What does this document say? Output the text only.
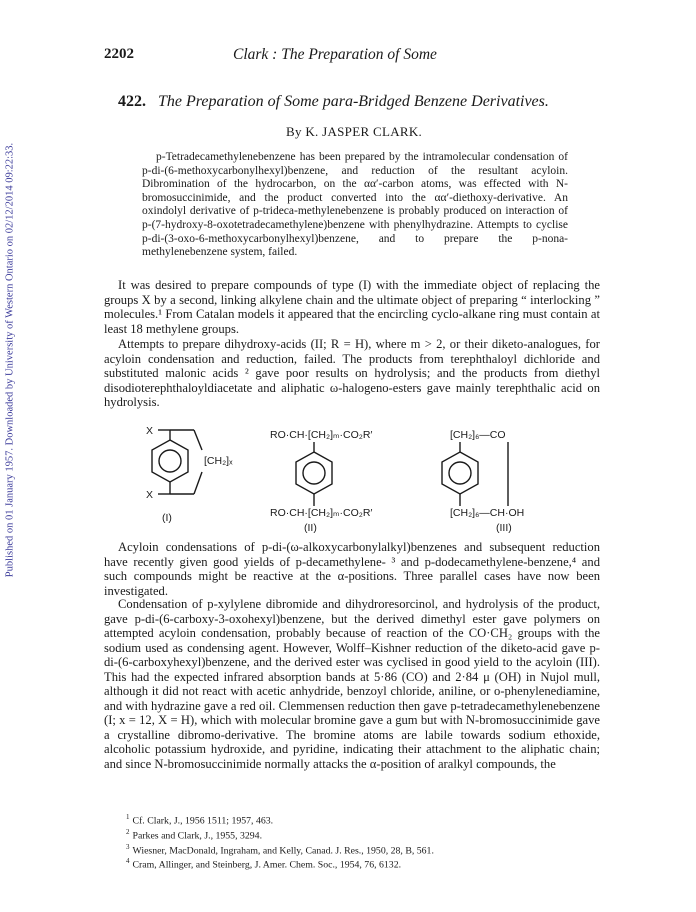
Published on 01 January 1957. Downloaded by University of Western Ontario on 02/12/2014 09:22:33.
2202	Clark : The Preparation of Some
422. The Preparation of Some para-Bridged Benzene Derivatives.
By K. JASPER CLARK.
p-Tetradecamethylenebenzene has been prepared by the intramolecular condensation of p-di-(6-methoxycarbonylhexyl)benzene, and reduction of the resultant acyloin. Dibromination of the hydrocarbon, on the αα′-carbon atoms, was effected with N-bromosuccinimide, and the product converted into the αα′-diethoxy-derivative. An oxindolyl derivative of p-trideca-methylenebenzene is probably produced on interaction of p-(7-hydroxy-8-oxotetradecamethylene)benzene with phenylhydrazine. Attempts to cyclise p-di-(3-oxo-6-methoxycarbonylhexyl)benzene, and to prepare the p-nona-methylenebenzene system, failed.
It was desired to prepare compounds of type (I) with the immediate object of replacing the groups X by a second, linking alkylene chain and the ultimate object of preparing “ interlocking ” molecules.¹ From Catalan models it appeared that the encircling cyclo-alkane ring must contain at least 18 methylene groups.
Attempts to prepare dihydroxy-acids (II; R = H), where m > 2, or their diketo-analogues, for acyloin condensation and reduction, failed. The products from terephthaloyl dichloride and substituted malonic acids ² gave poor results on hydrolysis; and the products from diethyl disodioterephthaloyldiacetate and aliphatic ω-halogeno-esters gave mainly terephthalic acid on hydrolysis.
X
X
[CH₂]ₓ
(I)
RO·CH·[CH₂]ₘ·CO₂R′
RO·CH·[CH₂]ₘ·CO₂R′
(II)
[CH₂]₆—CO
[CH₂]₆—CH·OH
(III)
Acyloin condensations of p-di-(ω-alkoxycarbonylalkyl)benzenes and subsequent reduction have recently given good yields of p-decamethylene- ³ and p-dodecamethylene-benzene,⁴ and such compounds might be reactive at the α-positions. Three parallel cases have now been investigated.
Condensation of p-xylylene dibromide and dihydroresorcinol, and hydrolysis of the product, gave p-di-(6-carboxy-3-oxohexyl)benzene, but the derived dimethyl ester gave polymers on attempted acyloin condensation, probably because of reaction of the CO·CH₂ groups with the sodium used as condensing agent. However, Wolff–Kishner reduction of the diketo-acid gave p-di-(6-carboxyhexyl)benzene, and the derived ester was cyclised in good yield to the acyloin (III). This had the expected infrared absorption bands at 5·86 (CO) and 2·84 μ (OH) in Nujol mull, although it did not react with acetic anhydride, benzoyl chloride, aniline, or o-phenylenediamine, and with hydrazine gave a red oil. Clemmensen reduction then gave p-tetradecamethylenebenzene (I; x = 12, X = H), which with molecular bromine gave a gum but with N-bromosuccinimide gave a crystalline dibromo-derivative. The bromine atoms are labile towards sodium ethoxide, alcoholic potassium hydroxide, and pyridine, indicating their attachment to the aliphatic chain; and since N-bromosuccinimide normally attacks the α-position of aralkyl compounds, the
$^1$ Cf. Clark, J., 1956 1511; 1957, 463.
$^2$ Parkes and Clark, J., 1955, 3294.
$^3$ Wiesner, MacDonald, Ingraham, and Kelly, Canad. J. Res., 1950, 28, B, 561.
$^4$ Cram, Allinger, and Steinberg, J. Amer. Chem. Soc., 1954, 76, 6132.
